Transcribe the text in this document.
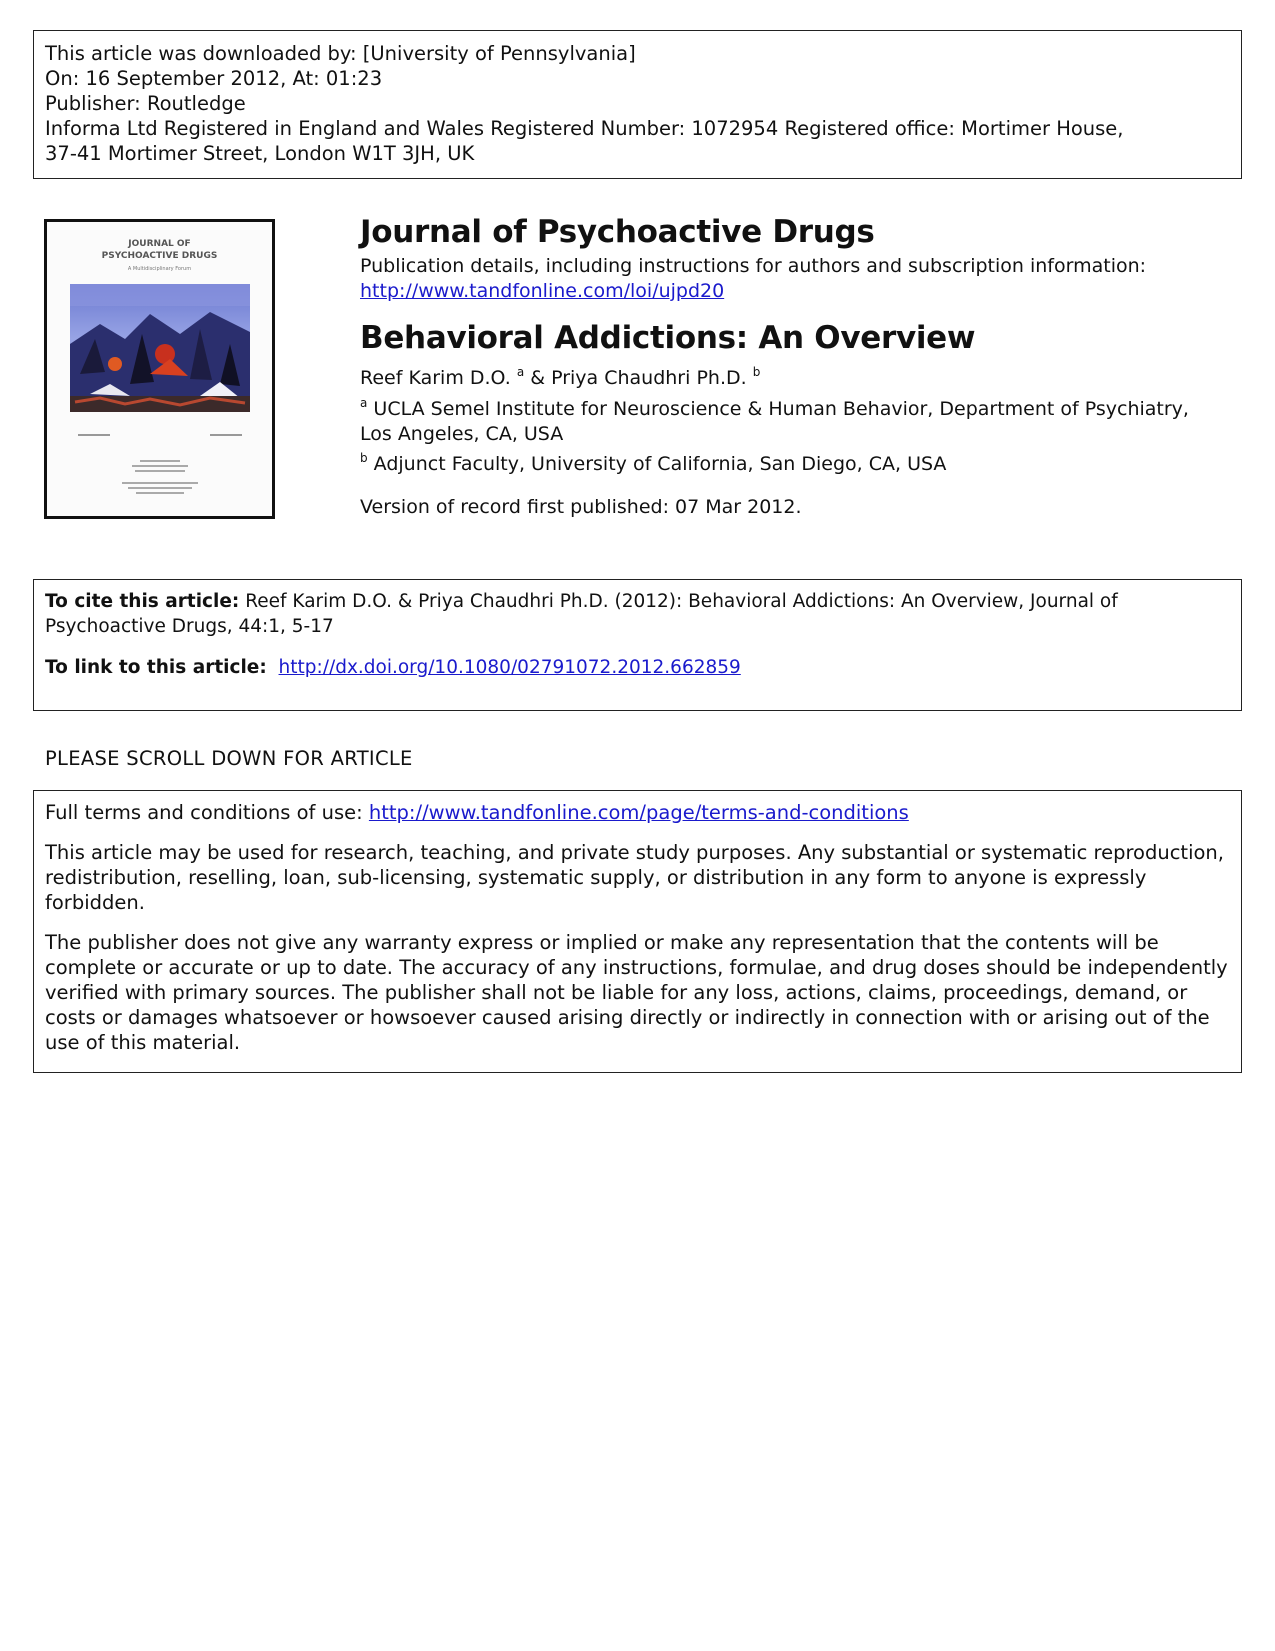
This article was downloaded by: [University of Pennsylvania]
On: 16 September 2012, At: 01:23
Publisher: Routledge
Informa Ltd Registered in England and Wales Registered Number: 1072954 Registered office: Mortimer House,
37-41 Mortimer Street, London W1T 3JH, UK
JOURNAL OF
PSYCHOACTIVE DRUGS
A Multidisciplinary Forum
Journal of Psychoactive Drugs
Publication details, including instructions for authors and subscription information:
http://www.tandfonline.com/loi/ujpd20
Behavioral Addictions: An Overview
Reef Karim D.O. $^a$ & Priya Chaudhri Ph.D. $^b$
$^a$ UCLA Semel Institute for Neuroscience & Human Behavior, Department of Psychiatry, Los Angeles, CA, USA
$^b$ Adjunct Faculty, University of California, San Diego, CA, USA
Version of record first published: 07 Mar 2012.

To cite this article: Reef Karim D.O. & Priya Chaudhri Ph.D. (2012): Behavioral Addictions: An Overview, Journal of Psychoactive Drugs, 44:1, 5-17

To link to this article: http://dx.doi.org/10.1080/02791072.2012.662859

PLEASE SCROLL DOWN FOR ARTICLE

Full terms and conditions of use: http://www.tandfonline.com/page/terms-and-conditions

This article may be used for research, teaching, and private study purposes. Any substantial or systematic reproduction, redistribution, reselling, loan, sub-licensing, systematic supply, or distribution in any form to anyone is expressly forbidden.

The publisher does not give any warranty express or implied or make any representation that the contents will be complete or accurate or up to date. The accuracy of any instructions, formulae, and drug doses should be independently verified with primary sources. The publisher shall not be liable for any loss, actions, claims, proceedings, demand, or costs or damages whatsoever or howsoever caused arising directly or indirectly in connection with or arising out of the use of this material.
